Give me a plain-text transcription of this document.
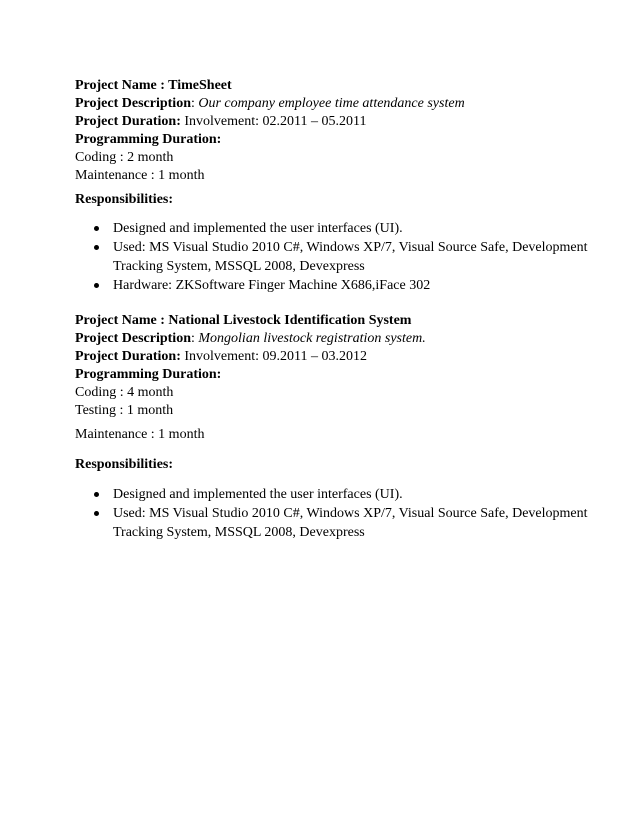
Project Name : TimeSheet
Project Description: Our company employee time attendance system
Project Duration: Involvement: 02.2011 – 05.2011
Programming Duration:
Coding : 2 month
Maintenance : 1 month
Responsibilities:
Designed and implemented the user interfaces (UI).
Used: MS Visual Studio 2010 C#, Windows XP/7, Visual Source Safe, Development Tracking System, MSSQL 2008, Devexpress
Hardware: ZKSoftware Finger Machine X686,iFace 302
Project Name : National Livestock Identification System
Project Description: Mongolian livestock registration system.
Project Duration: Involvement: 09.2011 – 03.2012
Programming Duration:
Coding : 4 month
Testing : 1 month
Maintenance : 1 month
Responsibilities:
Designed and implemented the user interfaces (UI).
Used: MS Visual Studio 2010 C#, Windows XP/7, Visual Source Safe, Development Tracking System, MSSQL 2008, Devexpress
